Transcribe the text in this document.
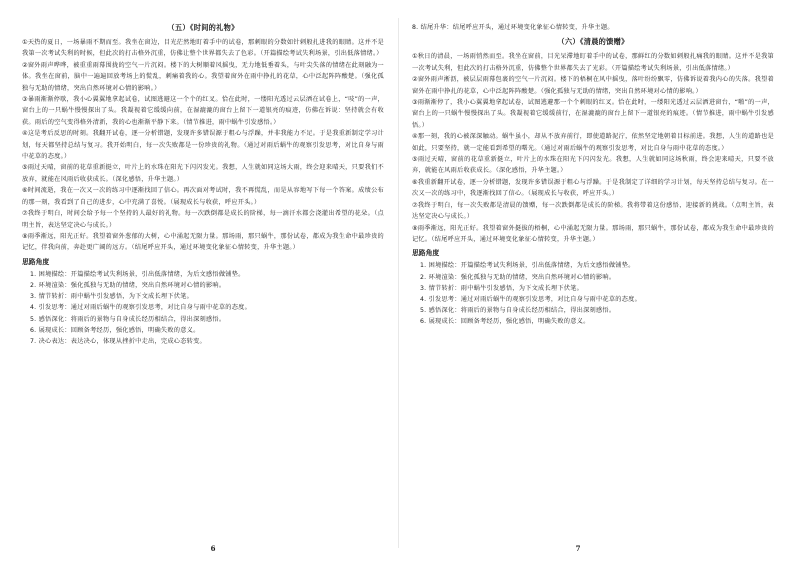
（五）《时间的礼物》

①天热的夏日，一场暴雨不期而至。我坐在窗边，目光茫然地盯着手中的试卷，那刺眼的分数如针刺般扎进我的眼睛。这并不是我第一次考试失利的时候，但此次的打击格外沉重，仿佛让整个世界都失去了色彩。（开篇描绘考试失利场景，引出低落情绪。）

②窗外雨声哗哗，被重重雨幕围拢的空气一片沉闷。楼下的大树顺着风摇曳，无力地低垂着头，与叶尖失落的情绪在此刻融为一体。我坐在窗前，脑中一遍遍回放考场上的慌乱，刺痛着我的心。我望着窗外在雨中挣扎的花草，心中泛起阵阵酸楚。（强化孤独与无助的情绪，突出自然环境对心情的影响。）

③暴雨渐渐停歇，我小心翼翼地拿起试卷，试图逃避这一个个的红叉。恰在此时，一缕阳光透过云层洒在试卷上，“吱”的一声，窗台上的一只蜗牛慢慢探出了头。我凝视着它缓缓向前，在湿漉漉的窗台上留下一道银亮的痕迹，仿佛在诉说：坚持就会有收获。雨后的空气变得格外清新，我的心也渐渐平静下来。（情节推进，雨中蜗牛引发感悟。）

④这是考后反思的时刻。我翻开试卷，逐一分析错题，发现许多错误源于粗心与浮躁，并非我能力不足。于是我重新制定学习计划，每天都坚持总结与复习。我开始明白，每一次失败都是一份珍贵的礼物。（通过对雨后蜗牛的观察引发思考，对比自身与雨中花草的态度。）

⑤雨过天晴，窗前的花草重新挺立，叶片上的水珠在阳光下闪闪发光。我想，人生就如同这场大雨，终会迎来晴天，只要我们不放弃，就能在风雨后收获成长。（深化感悟，升华主题。）

⑥时间流逝，我在一次又一次的练习中逐渐找回了信心。再次面对考试时，我不再慌乱，而是从容地写下每一个答案。成绩公布的那一刻，我看到了自己的进步，心中充满了喜悦。（展现成长与收获，呼应开头。）

⑦我终于明白，时间会给予每一个坚持的人最好的礼物。每一次跌倒都是成长的阶梯，每一滴汗水都会浇灌出希望的花朵。（点明主旨，表达坚定决心与成长。）

⑧雨季渐远，阳光正好。我望着窗外葱郁的大树，心中涌起无限力量。那场雨，那只蜗牛，那份试卷，都成为我生命中最珍贵的记忆，伴我向前，奔赴更广阔的远方。（结尾呼应开头，通过环境变化象征心情转变，升华主题。）

思路角度
1. 困境描绘：开篇描绘考试失利场景，引出低落情绪，为后文感悟做铺垫。
2. 环境渲染：强化孤独与无助的情绪，突出自然环境对心情的影响。
3. 情节转折：雨中蜗牛引发感悟，为下文成长埋下伏笔。
4. 引发思考：通过对雨后蜗牛的观察引发思考，对比自身与雨中花草的态度。
5. 感悟深化：将雨后的景物与自身成长经历相结合，得出深刻感悟。
6. 展现成长：回顾备考经历，强化感悟，明确失败的意义。
7. 决心表达：表达决心，体现从挫折中走出，完成心态转变。
8. 结尾升华：结尾呼应开头，通过环境变化象征心情转变，升华主题。
（六）《清晨的馈赠》

①秋日的清晨，一场雨悄然而至。我坐在窗前，目光呆滞地盯着手中的试卷，那鲜红的分数如刺般扎痛我的眼睛。这并不是我第一次考试失利，但此次的打击格外沉重，仿佛整个世界都失去了光彩。（开篇描绘考试失利场景，引出低落情绪。）

②窗外雨声淅沥，被层层雨幕包裹的空气一片沉闷。楼下的梧桐在风中摇曳，落叶纷纷飘零，仿佛诉说着我内心的失落。我望着窗外在雨中挣扎的花草，心中泛起阵阵酸楚。（强化孤独与无助的情绪，突出自然环境对心情的影响。）

③雨渐渐停了，我小心翼翼地拿起试卷，试图逃避那一个个刺眼的红叉。恰在此时，一缕阳光透过云层洒进窗台，“啪”的一声，窗台上的一只蜗牛慢慢探出了头。我凝视着它缓缓前行，在湿漉漉的窗台上留下一道银亮的痕迹。（情节推进，雨中蜗牛引发感悟。）

④那一刻，我的心被深深触动。蜗牛虽小，却从不放弃前行，即使道路泥泞，依然坚定地朝着目标前进。我想，人生的道路也是如此，只要坚持，就一定能看到希望的曙光。（通过对雨后蜗牛的观察引发思考，对比自身与雨中花草的态度。）

⑤雨过天晴，窗前的花草重新挺立，叶片上的水珠在阳光下闪闪发光。我想，人生就如同这场秋雨，终会迎来晴天，只要不放弃，就能在风雨后收获成长。（深化感悟，升华主题。）

⑥我重新翻开试卷，逐一分析错题，发现许多错误源于粗心与浮躁。于是我制定了详细的学习计划，每天坚持总结与复习。在一次又一次的练习中，我逐渐找回了信心。（展现成长与收获，呼应开头。）

⑦我终于明白，每一次失败都是清晨的馈赠，每一次跌倒都是成长的阶梯。我将带着这份感悟，迎接新的挑战。（点明主旨，表达坚定决心与成长。）

⑧雨季渐远，阳光正好。我望着窗外挺拔的梧桐，心中涌起无限力量。那场雨，那只蜗牛，那份试卷，都成为我生命中最珍贵的记忆。（结尾呼应开头，通过环境变化象征心情转变，升华主题。）

思路角度
1. 困境描绘：开篇描绘考试失利场景，引出低落情绪，为后文感悟做铺垫。
2. 环境渲染：强化孤独与无助的情绪，突出自然环境对心情的影响。
3. 情节转折：雨中蜗牛引发感悟，为下文成长埋下伏笔。
4. 引发思考：通过对雨后蜗牛的观察引发思考，对比自身与雨中花草的态度。
5. 感悟深化：将雨后的景物与自身成长经历相结合，得出深刻感悟。
6. 展现成长：回顾备考经历，强化感悟，明确失败的意义。
6	7
